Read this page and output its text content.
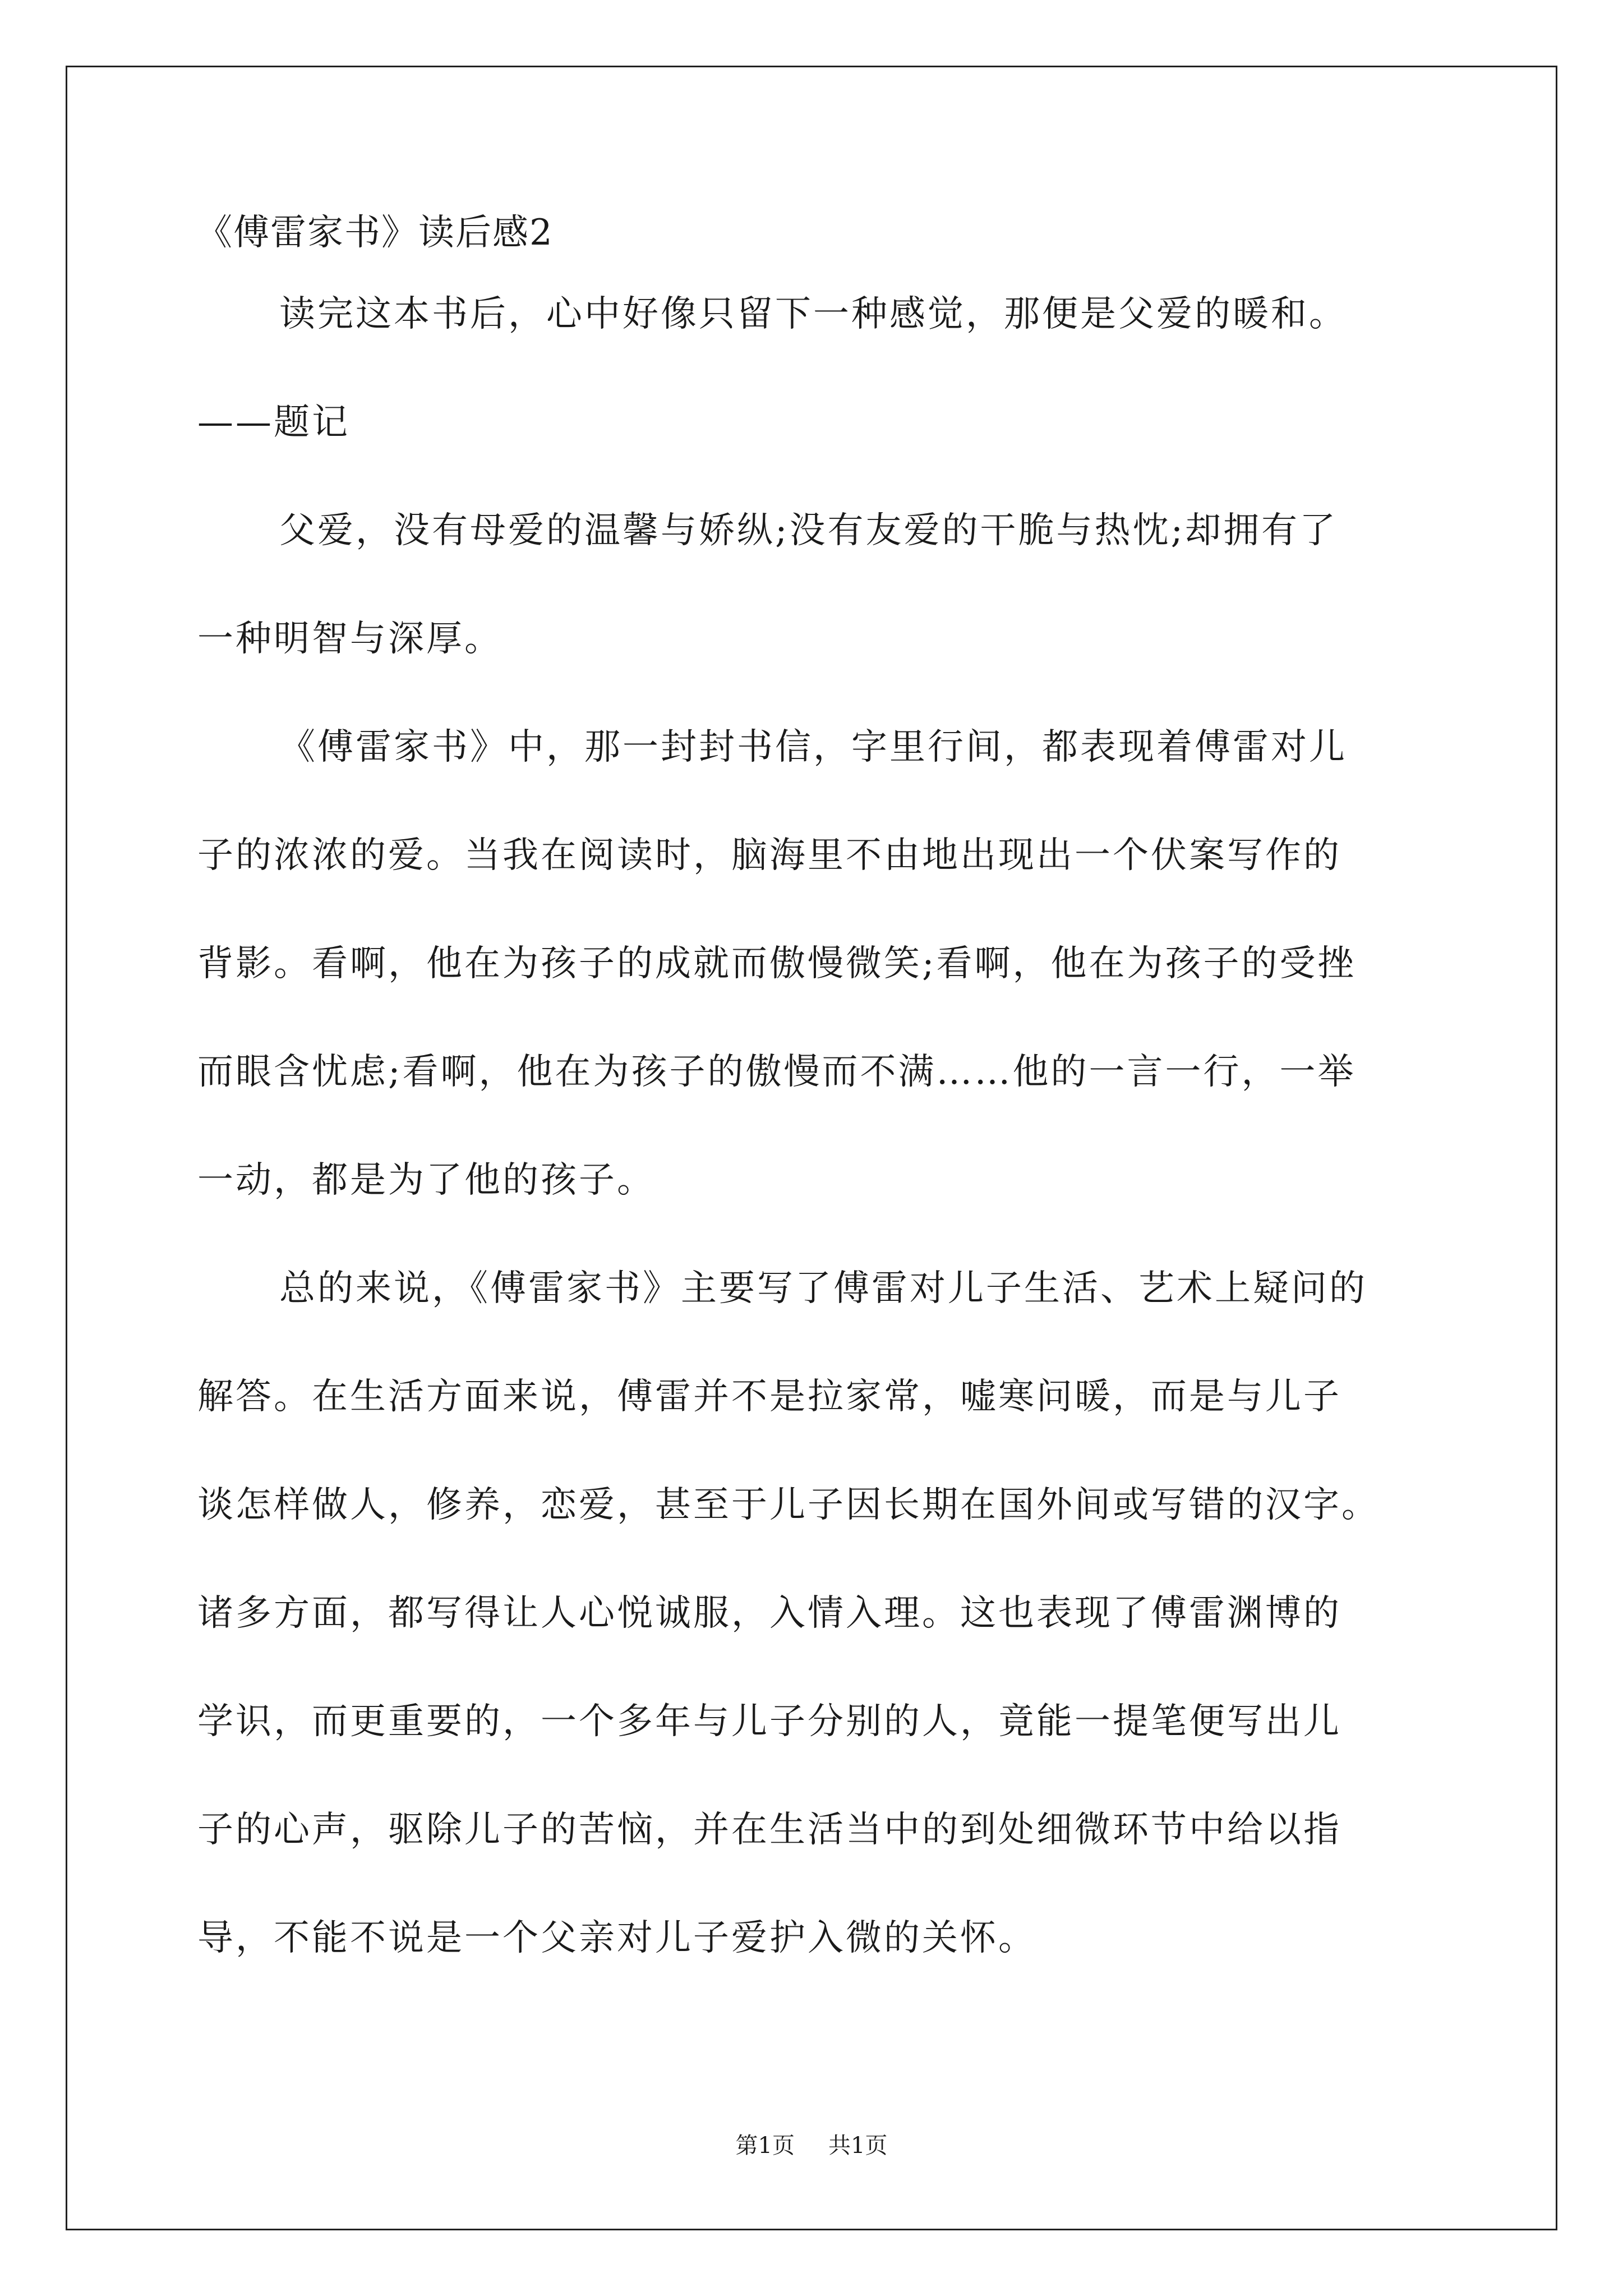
《傅雷家书》读后感2
读完这本书后，心中好像只留下一种感觉，那便是父爱的暖和。
——题记
父爱，没有母爱的温馨与娇纵;没有友爱的干脆与热忱;却拥有了
一种明智与深厚。
《傅雷家书》中，那一封封书信，字里行间，都表现着傅雷对儿
子的浓浓的爱。当我在阅读时，脑海里不由地出现出一个伏案写作的
背影。看啊，他在为孩子的成就而傲慢微笑;看啊，他在为孩子的受挫
而眼含忧虑;看啊，他在为孩子的傲慢而不满……他的一言一行，一举
一动，都是为了他的孩子。
总的来说，《傅雷家书》主要写了傅雷对儿子生活、艺术上疑问的
解答。在生活方面来说，傅雷并不是拉家常，嘘寒问暖，而是与儿子
谈怎样做人，修养，恋爱，甚至于儿子因长期在国外间或写错的汉字。
诸多方面，都写得让人心悦诚服，入情入理。这也表现了傅雷渊博的
学识，而更重要的，一个多年与儿子分别的人，竟能一提笔便写出儿
子的心声，驱除儿子的苦恼，并在生活当中的到处细微环节中给以指
导，不能不说是一个父亲对儿子爱护入微的关怀。
第1页 共1页
